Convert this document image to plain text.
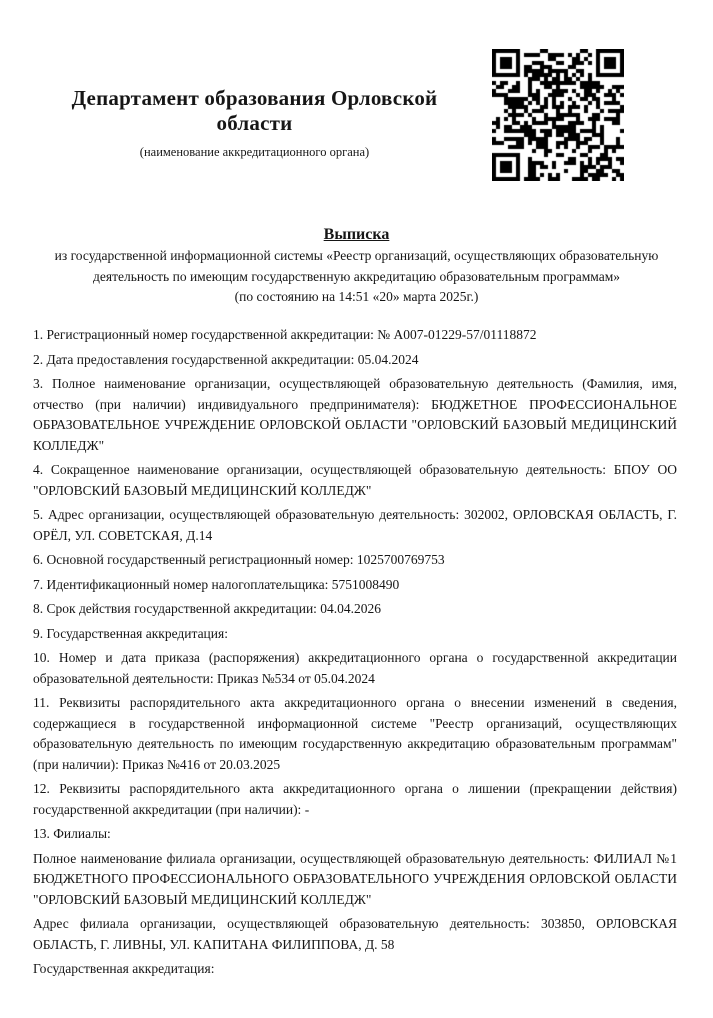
Департамент образования Орловской области
(наименование аккредитационного органа)
Выписка
из государственной информационной системы «Реестр организаций, осуществляющих образовательную деятельность по имеющим государственную аккредитацию образовательным программам»
(по состоянию на 14:51 «20» марта 2025г.)

1. Регистрационный номер государственной аккредитации: № А007-01229-57/01118872

2. Дата предоставления государственной аккредитации: 05.04.2024

3. Полное наименование организации, осуществляющей образовательную деятельность (Фамилия, имя, отчество (при наличии) индивидуального предпринимателя): БЮДЖЕТНОЕ ПРОФЕССИОНАЛЬНОЕ ОБРАЗОВАТЕЛЬНОЕ УЧРЕЖДЕНИЕ ОРЛОВСКОЙ ОБЛАСТИ "ОРЛОВСКИЙ БАЗОВЫЙ МЕДИЦИНСКИЙ КОЛЛЕДЖ"

4. Сокращенное наименование организации, осуществляющей образовательную деятельность: БПОУ ОО "ОРЛОВСКИЙ БАЗОВЫЙ МЕДИЦИНСКИЙ КОЛЛЕДЖ"

5. Адрес организации, осуществляющей образовательную деятельность: 302002, ОРЛОВСКАЯ ОБЛАСТЬ, Г. ОРЁЛ, УЛ. СОВЕТСКАЯ, Д.14

6. Основной государственный регистрационный номер: 1025700769753

7. Идентификационный номер налогоплательщика: 5751008490

8. Срок действия государственной аккредитации: 04.04.2026

9. Государственная аккредитация:

10. Номер и дата приказа (распоряжения) аккредитационного органа о государственной аккредитации образовательной деятельности: Приказ №534 от 05.04.2024

11. Реквизиты распорядительного акта аккредитационного органа о внесении изменений в сведения, содержащиеся в государственной информационной системе "Реестр организаций, осуществляющих образовательную деятельность по имеющим государственную аккредитацию образовательным программам" (при наличии): Приказ №416 от 20.03.2025

12. Реквизиты распорядительного акта аккредитационного органа о лишении (прекращении действия) государственной аккредитации (при наличии): -

13. Филиалы:

Полное наименование филиала организации, осуществляющей образовательную деятельность: ФИЛИАЛ №1 БЮДЖЕТНОГО ПРОФЕССИОНАЛЬНОГО ОБРАЗОВАТЕЛЬНОГО УЧРЕЖДЕНИЯ ОРЛОВСКОЙ ОБЛАСТИ "ОРЛОВСКИЙ БАЗОВЫЙ МЕДИЦИНСКИЙ КОЛЛЕДЖ"

Адрес филиала организации, осуществляющей образовательную деятельность: 303850, ОРЛОВСКАЯ ОБЛАСТЬ, Г. ЛИВНЫ, УЛ. КАПИТАНА ФИЛИППОВА, Д. 58

Государственная аккредитация:
